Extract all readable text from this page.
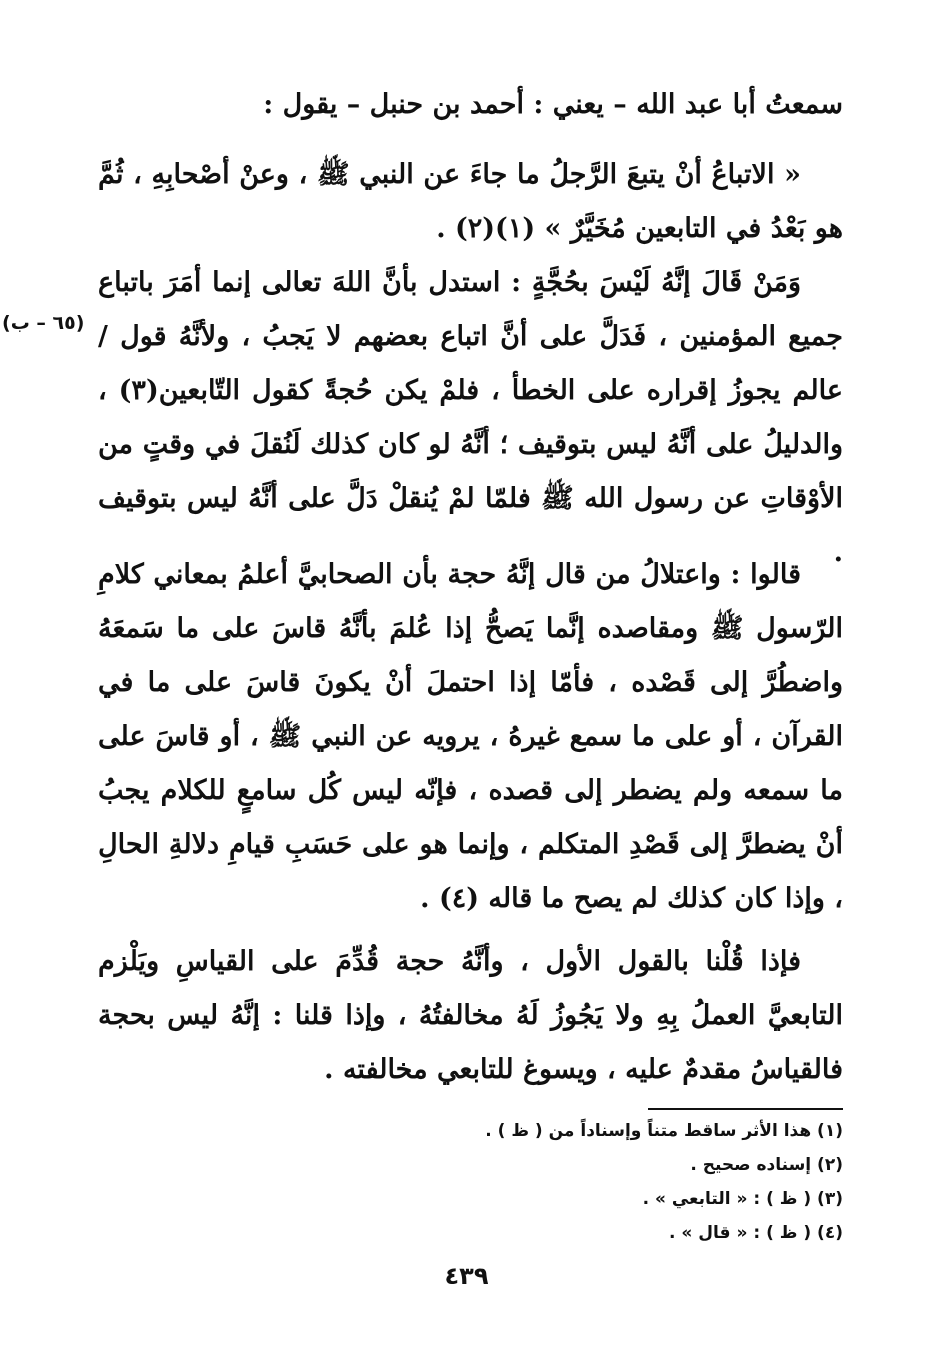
سمعتُ أبا عبد الله – يعني : أحمد بن حنبل – يقول :
« الاتباعُ أنْ يتبعَ الرَّجلُ ما جاءَ عن النبي ﷺ ، وعنْ أصْحابِهِ ، ثُمَّ هو بَعْدُ في التابعين مُخَيَّرٌ » (١)(٢) .
وَمَنْ قَالَ إنَّهُ لَيْسَ بحُجَّةٍ : استدل بأنَّ اللهَ تعالى إنما أمَرَ باتباع جميع المؤمنين ، فَدَلَّ على أنَّ اتباع بعضهم لا يَجبُ ، ولأنَّهُ قول / عالم يجوزُ إقراره على الخطأ ، فلمْ يكن حُجةً كقول التّابعين(٣) ، والدليلُ على أنَّهُ ليس بتوقيف ؛ أنَّهُ لو كان كذلك لَنُقلَ في وقتٍ من الأوْقاتِ عن رسول الله ﷺ فلمّا لمْ يُنقلْ دَلَّ على أنَّهُ ليس بتوقيف .
(٦٥ – ب)
قالوا : واعتلالُ من قال إنَّهُ حجة بأن الصحابيَّ أعلمُ بمعاني كلامِ الرّسول ﷺ ومقاصده إنَّما يَصحُّ إذا عُلمَ بأنَّهُ قاسَ على ما سَمعَهُ واضطُرَّ إلى قَصْده ، فأمّا إذا احتملَ أنْ يكونَ قاسَ على ما في القرآن ، أو على ما سمع غيرهُ ، يرويه عن النبي ﷺ ، أو قاسَ على ما سمعه ولم يضطر إلى قصده ، فإنّه ليس كُل سامعٍ للكلام يجبُ أنْ يضطرَّ إلى قَصْدِ المتكلم ، وإنما هو على حَسَبِ قيامِ دلالةِ الحالِ ، وإذا كان كذلك لم يصح ما قاله (٤) .
فإذا قُلْنا بالقول الأول ، وأنَّهُ حجة قُدِّمَ على القياسِ ويَلْزم التابعيَّ العملُ بِهِ ولا يَجُوزُ لَهُ مخالفتُهُ ، وإذا قلنا : إنَّهُ ليس بحجة فالقياسُ مقدمٌ عليه ، ويسوغ للتابعي مخالفته .
(١) هذا الأثر ساقط متناً وإسناداً من ( ظ ) .
(٢) إسناده صحيح .
(٣) ( ظ ) : « التابعي » .
(٤) ( ظ ) : « قال » .
٤٣٩
